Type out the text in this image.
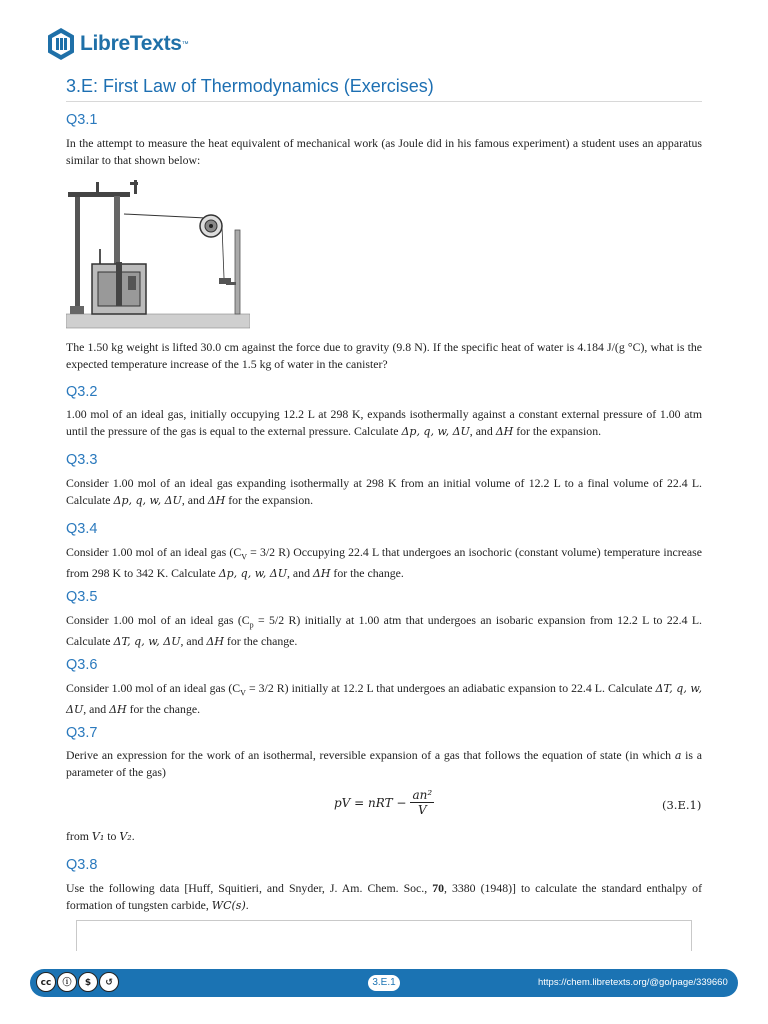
LibreTexts ™
3.E: First Law of Thermodynamics (Exercises)
Q3.1
In the attempt to measure the heat equivalent of mechanical work (as Joule did in his famous experiment) a student uses an apparatus similar to that shown below:
The 1.50 kg weight is lifted 30.0 cm against the force due to gravity (9.8 N). If the specific heat of water is 4.184 J/(g °C), what is the expected temperature increase of the 1.5 kg of water in the canister?
Q3.2
1.00 mol of an ideal gas, initially occupying 12.2 L at 298 K, expands isothermally against a constant external pressure of 1.00 atm until the pressure of the gas is equal to the external pressure. Calculate Δp, q, w, ΔU, and ΔH for the expansion.
Q3.3
Consider 1.00 mol of an ideal gas expanding isothermally at 298 K from an initial volume of 12.2 L to a final volume of 22.4 L. Calculate Δp, q, w, ΔU, and ΔH for the expansion.
Q3.4
Consider 1.00 mol of an ideal gas ($C_V = 3/2$ R) Occupying 22.4 L that undergoes an isochoric (constant volume) temperature increase from 298 K to 342 K. Calculate Δp, q, w, ΔU, and ΔH for the change.
Q3.5
Consider 1.00 mol of an ideal gas ($C_p = 5/2$ R) initially at 1.00 atm that undergoes an isobaric expansion from 12.2 L to 22.4 L. Calculate ΔT, q, w, ΔU, and ΔH for the change.
Q3.6
Consider 1.00 mol of an ideal gas ($C_V = 3/2$ R) initially at 12.2 L that undergoes an adiabatic expansion to 22.4 L. Calculate ΔT, q, w, ΔU, and ΔH for the change.
Q3.7
Derive an expression for the work of an isothermal, reversible expansion of a gas that follows the equation of state (in which a is a parameter of the gas)
pV = nRT − $\frac{\text{an²}}{V}$	(3.E.1)
from V₁ to V₂.
Q3.8
Use the following data [Huff, Squitieri, and Snyder, J. Am. Chem. Soc., 70, 3380 (1948)] to calculate the standard enthalpy of formation of tungsten carbide, WC(s).
cc	ⓘ	$	↺	3.E.1	https://chem.libretexts.org/@go/page/339660
